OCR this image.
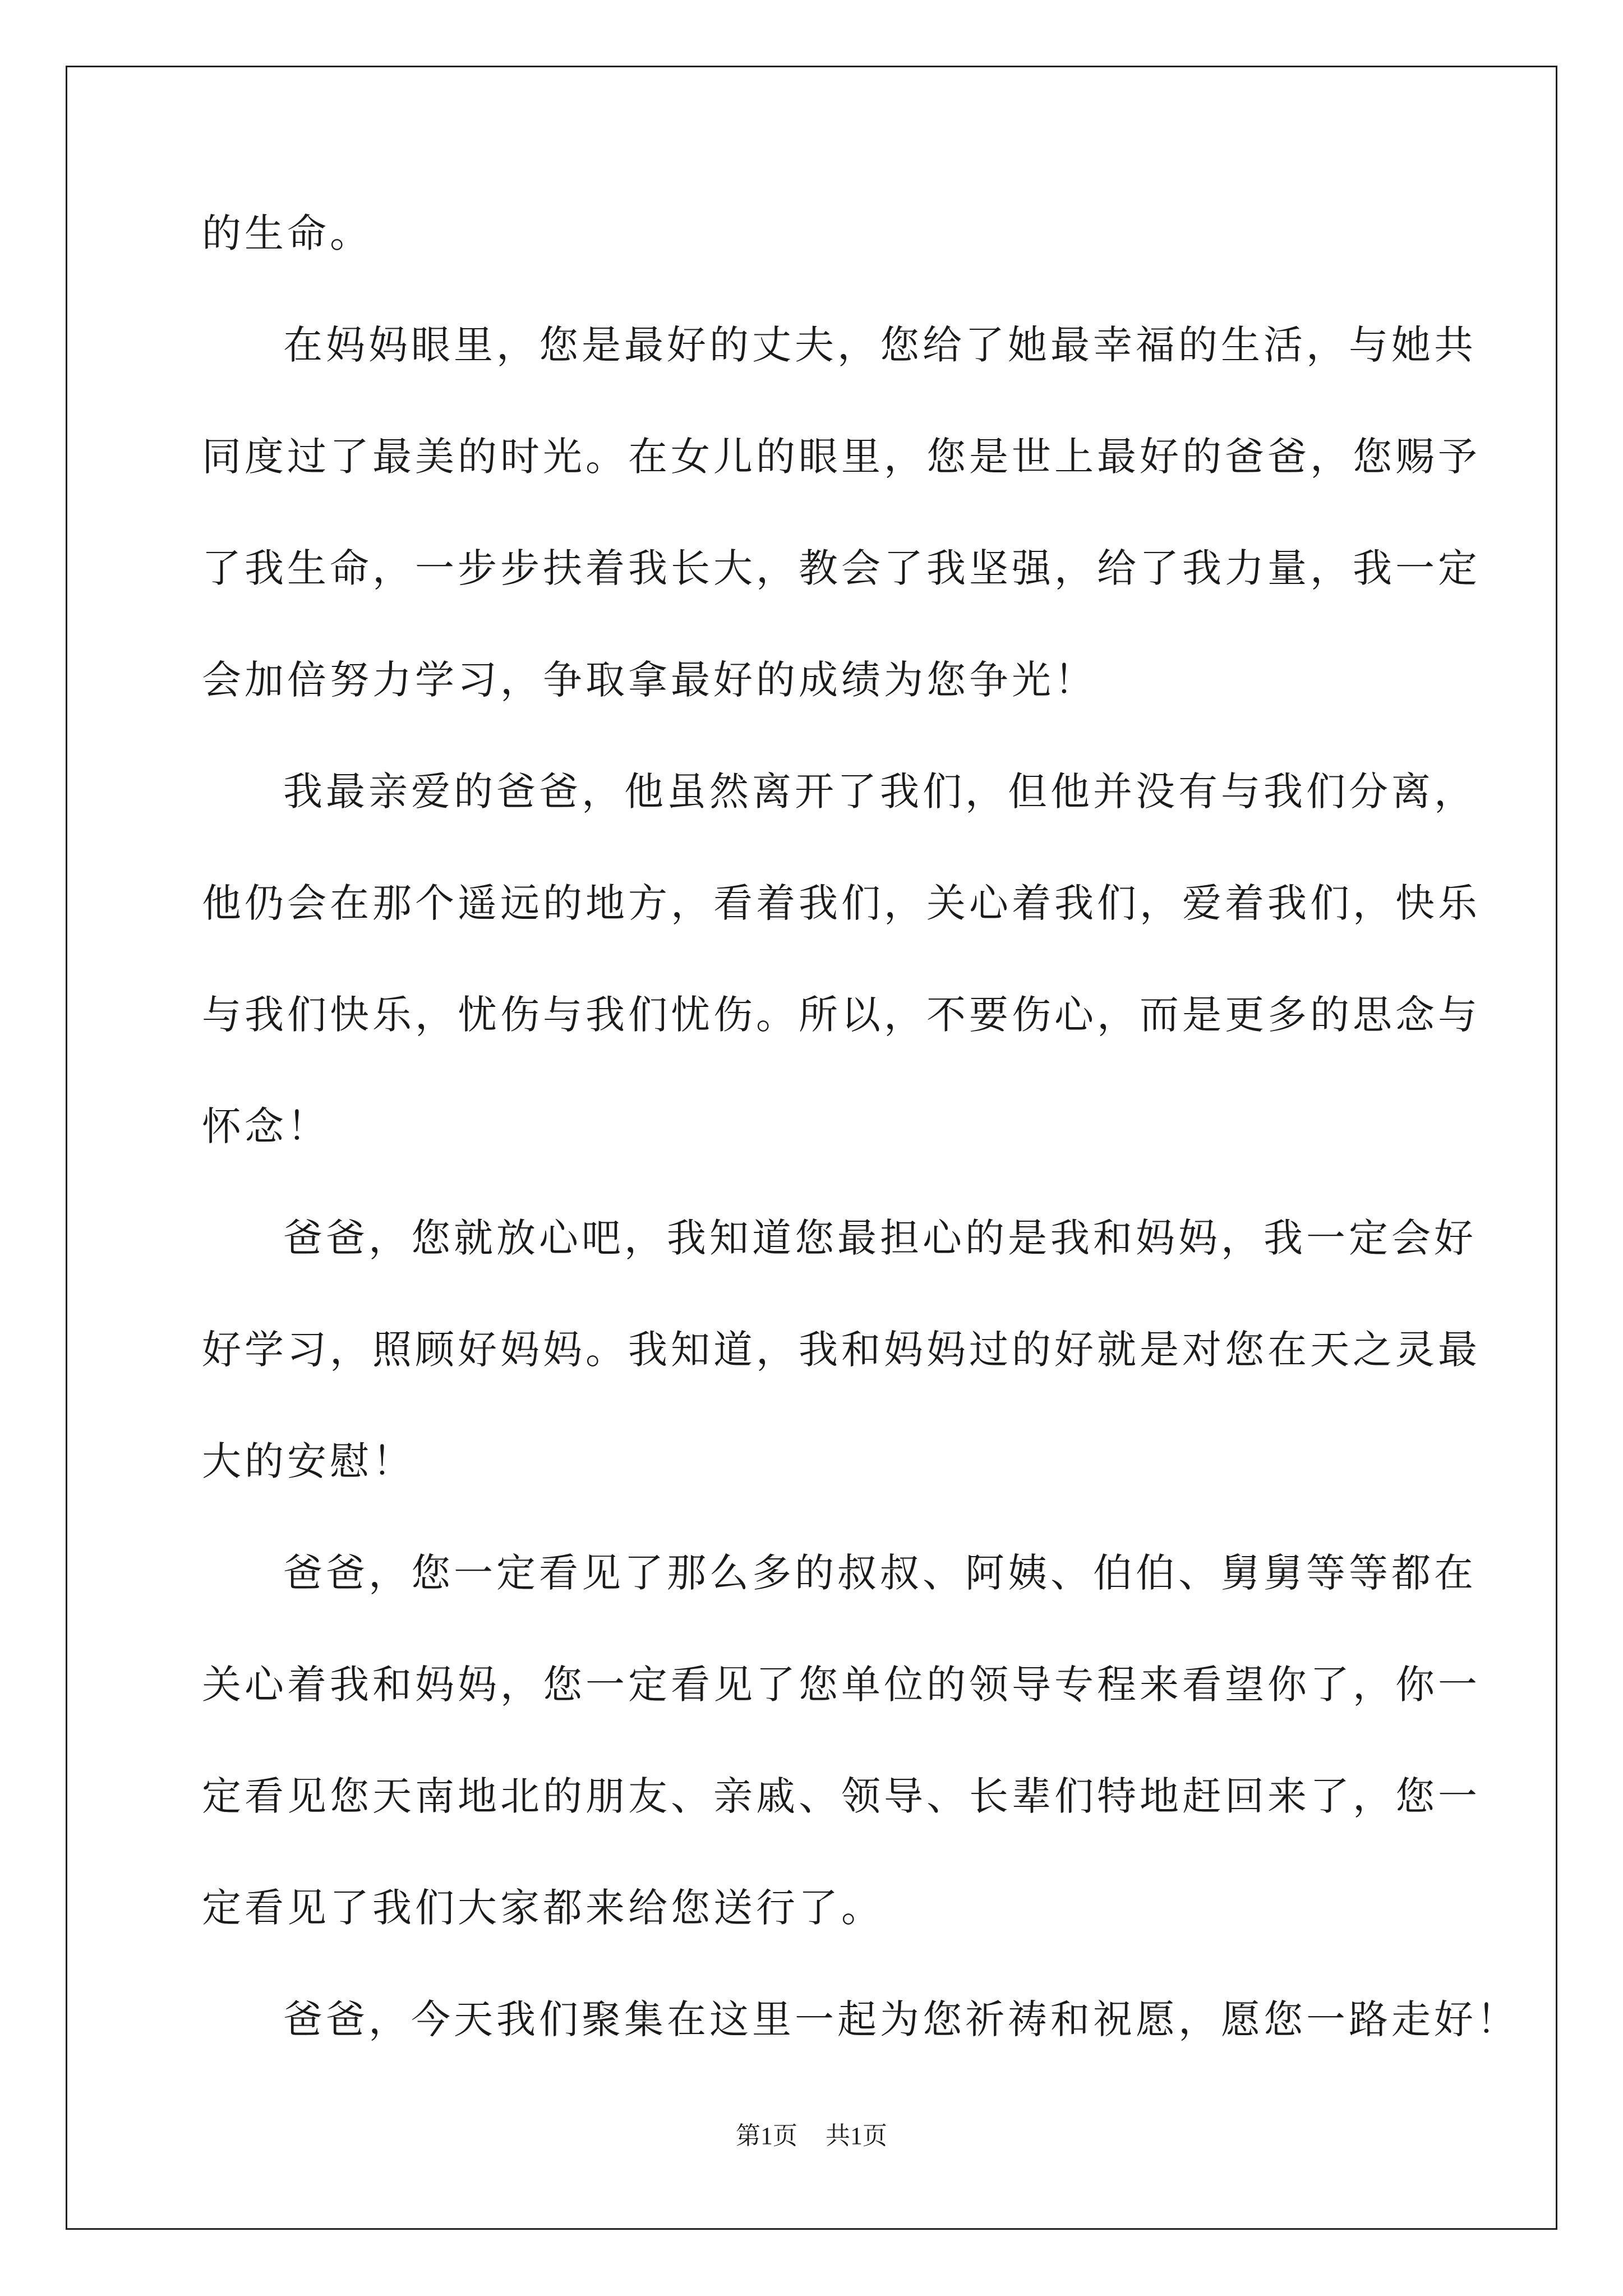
的生命。
在妈妈眼里，您是最好的丈夫，您给了她最幸福的生活，与她共
同度过了最美的时光。在女儿的眼里，您是世上最好的爸爸，您赐予
了我生命，一步步扶着我长大，教会了我坚强，给了我力量，我一定
会加倍努力学习，争取拿最好的成绩为您争光！
我最亲爱的爸爸，他虽然离开了我们，但他并没有与我们分离，
他仍会在那个遥远的地方，看着我们，关心着我们，爱着我们，快乐
与我们快乐，忧伤与我们忧伤。所以，不要伤心，而是更多的思念与
怀念！
爸爸，您就放心吧，我知道您最担心的是我和妈妈，我一定会好
好学习，照顾好妈妈。我知道，我和妈妈过的好就是对您在天之灵最
大的安慰！
爸爸，您一定看见了那么多的叔叔、阿姨、伯伯、舅舅等等都在
关心着我和妈妈，您一定看见了您单位的领导专程来看望你了，你一
定看见您天南地北的朋友、亲戚、领导、长辈们特地赶回来了，您一
定看见了我们大家都来给您送行了。
爸爸，今天我们聚集在这里一起为您祈祷和祝愿，愿您一路走好！
第1页 共1页
